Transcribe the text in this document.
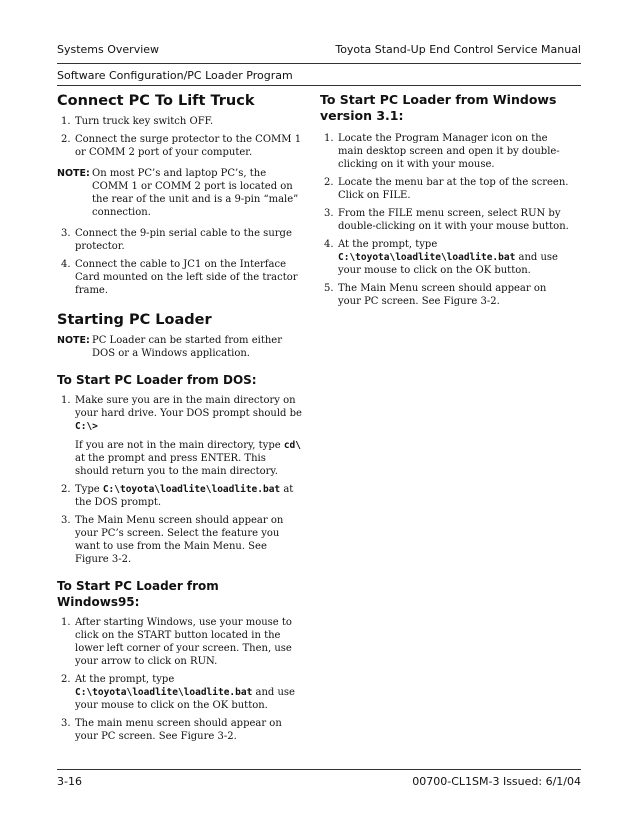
Systems Overview	Toyota Stand-Up End Control Service Manual
Software Configuration/PC Loader Program
Connect PC To Lift Truck
1. Turn truck key switch OFF.
2. Connect the surge protector to the COMM 1 or COMM 2 port of your computer.
NOTE: On most PC’s and laptop PC’s, the COMM 1 or COMM 2 port is located on the rear of the unit and is a 9-pin “male” connection.
3. Connect the 9-pin serial cable to the surge protector.
4. Connect the cable to JC1 on the Interface Card mounted on the left side of the tractor frame.
Starting PC Loader
NOTE: PC Loader can be started from either DOS or a Windows application.
To Start PC Loader from DOS:
1. Make sure you are in the main directory on your hard drive. Your DOS prompt should be C:\>
If you are not in the main directory, type cd\ at the prompt and press ENTER. This should return you to the main directory.
2. Type C:\toyota\loadlite\loadlite.bat at the DOS prompt.
3. The Main Menu screen should appear on your PC’s screen. Select the feature you want to use from the Main Menu. See Figure 3-2.
To Start PC Loader from Windows95:
1. After starting Windows, use your mouse to click on the START button located in the lower left corner of your screen. Then, use your arrow to click on RUN.
2. At the prompt, type C:\toyota\loadlite\loadlite.bat and use your mouse to click on the OK button.
3. The main menu screen should appear on your PC screen. See Figure 3-2.
To Start PC Loader from Windows version 3.1:
1. Locate the Program Manager icon on the main desktop screen and open it by double-clicking on it with your mouse.
2. Locate the menu bar at the top of the screen. Click on FILE.
3. From the FILE menu screen, select RUN by double-clicking on it with your mouse button.
4. At the prompt, type C:\toyota\loadlite\loadlite.bat and use your mouse to click on the OK button.
5. The Main Menu screen should appear on your PC screen. See Figure 3-2.
3-16	00700-CL1SM-3 Issued: 6/1/04
